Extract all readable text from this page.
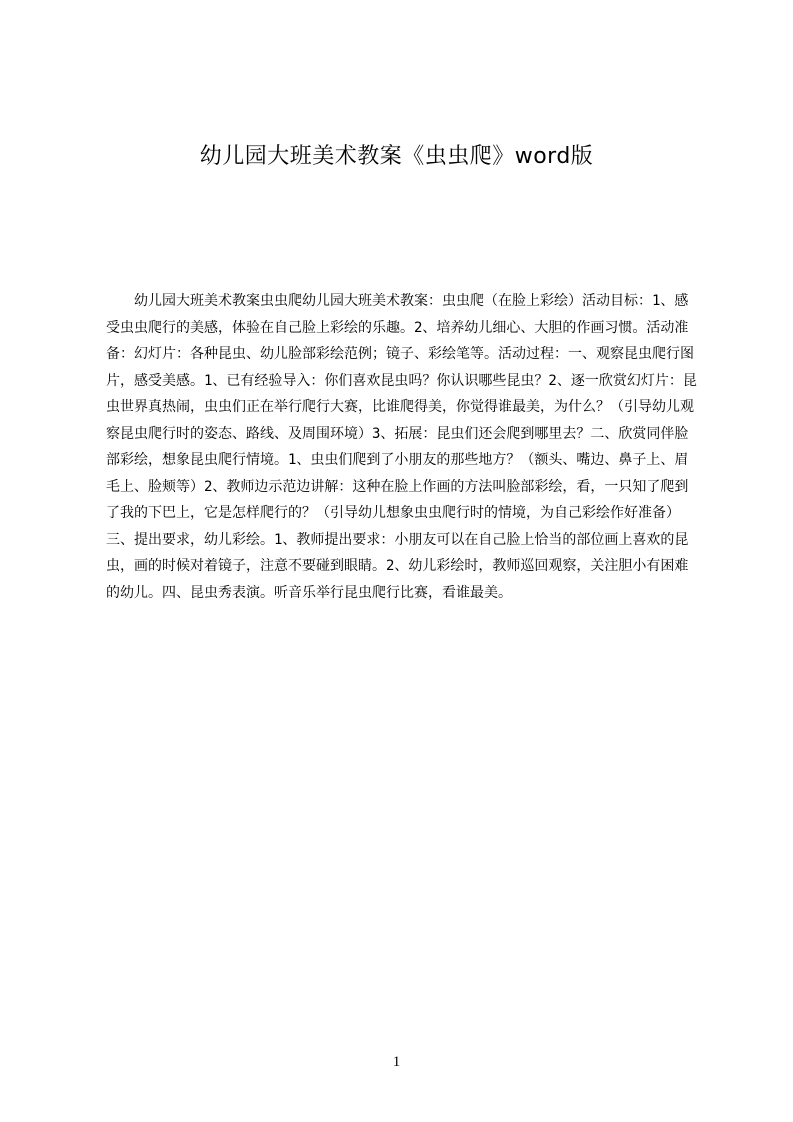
幼儿园大班美术教案《虫虫爬》word版

幼儿园大班美术教案虫虫爬幼儿园大班美术教案：虫虫爬（在脸上彩绘）活动目标：1、感受虫虫爬行的美感，体验在自己脸上彩绘的乐趣。2、培养幼儿细心、大胆的作画习惯。活动准备：幻灯片：各种昆虫、幼儿脸部彩绘范例；镜子、彩绘笔等。活动过程：一、观察昆虫爬行图片，感受美感。1、已有经验导入：你们喜欢昆虫吗？你认识哪些昆虫？2、逐一欣赏幻灯片：昆虫世界真热闹，虫虫们正在举行爬行大赛，比谁爬得美，你觉得谁最美，为什么？（引导幼儿观察昆虫爬行时的姿态、路线、及周围环境）3、拓展：昆虫们还会爬到哪里去？二、欣赏同伴脸部彩绘，想象昆虫爬行情境。1、虫虫们爬到了小朋友的那些地方？（额头、嘴边、鼻子上、眉毛上、脸颊等）2、教师边示范边讲解：这种在脸上作画的方法叫脸部彩绘，看，一只知了爬到了我的下巴上，它是怎样爬行的？（引导幼儿想象虫虫爬行时的情境，为自己彩绘作好准备）三、提出要求，幼儿彩绘。1、教师提出要求：小朋友可以在自己脸上恰当的部位画上喜欢的昆虫，画的时候对着镜子，注意不要碰到眼睛。2、幼儿彩绘时，教师巡回观察，关注胆小有困难的幼儿。四、昆虫秀表演。听音乐举行昆虫爬行比赛，看谁最美。

1
